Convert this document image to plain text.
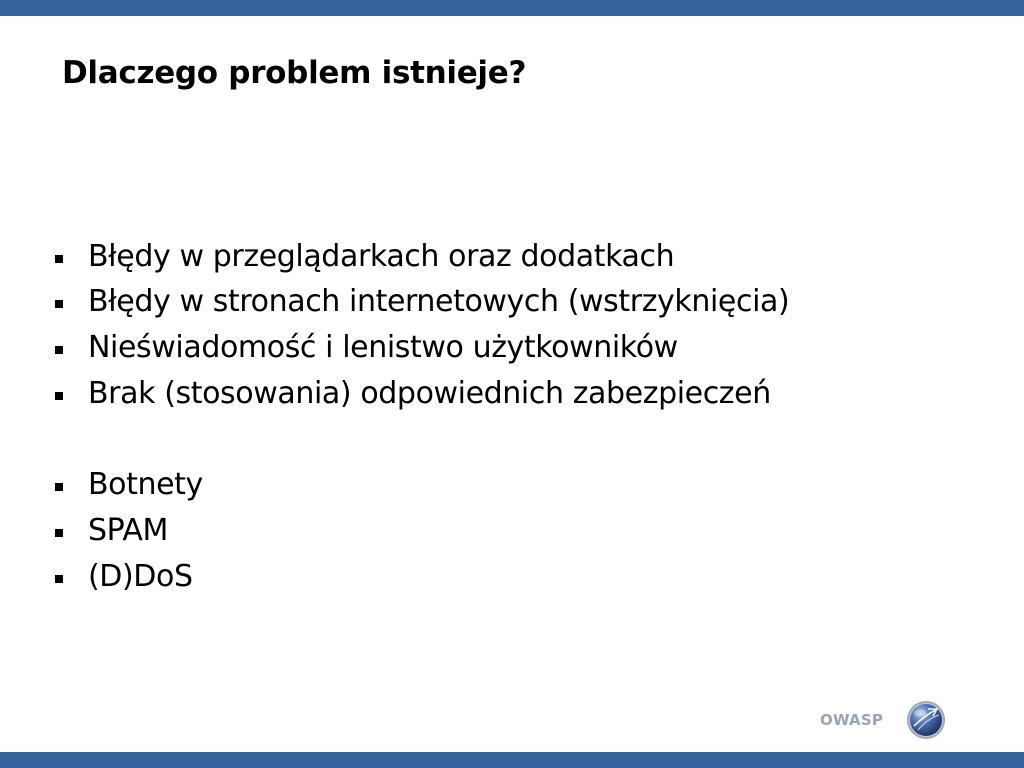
Dlaczego problem istnieje?
Błędy w przeglądarkach oraz dodatkach
Błędy w stronach internetowych (wstrzyknięcia)
Nieświadomość i lenistwo użytkowników
Brak (stosowania) odpowiednich zabezpieczeń
Botnety
SPAM
(D)DoS
OWASP
